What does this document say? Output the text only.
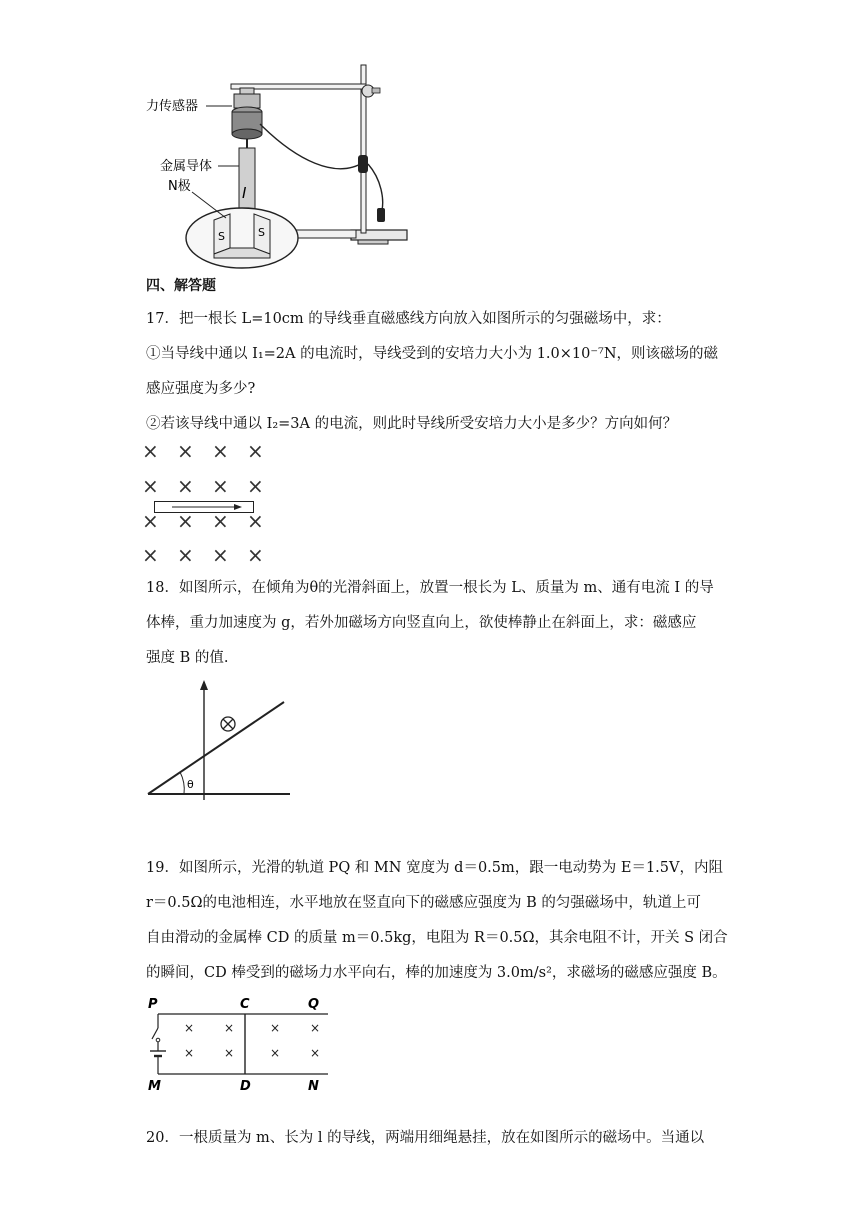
力传感器
金属导体
N极	I
S	S
四、解答题
17．把一根长 L=10cm 的导线垂直磁感线方向放入如图所示的匀强磁场中，求：
①当导线中通以 I₁=2A 的电流时，导线受到的安培力大小为 1.0×10⁻⁷N，则该磁场的磁
感应强度为多少?
②若该导线中通以 I₂=3A 的电流，则此时导线所受安培力大小是多少？方向如何？
× × × ×
× × × ×
× × × ×
× × × ×
18．如图所示，在倾角为θ的光滑斜面上，放置一根长为 L、质量为 m、通有电流 I 的导
体棒，重力加速度为 g，若外加磁场方向竖直向上，欲使棒静止在斜面上，求：磁感应
强度 B 的值.
θ
19．如图所示，光滑的轨道 PQ 和 MN 宽度为 d＝0.5m，跟一电动势为 E＝1.5V，内阻
r＝0.5Ω的电池相连，水平地放在竖直向下的磁感应强度为 B 的匀强磁场中，轨道上可
自由滑动的金属棒 CD 的质量 m＝0.5kg，电阻为 R＝0.5Ω，其余电阻不计，开关 S 闭合
的瞬间，CD 棒受到的磁场力水平向右，棒的加速度为 3.0m/s²，求磁场的磁感应强度 B。
P	C	Q
M	D	N
× ×	× ×
× ×	× ×
20．一根质量为 m、长为 l 的导线，两端用细绳悬挂，放在如图所示的磁场中。当通以
